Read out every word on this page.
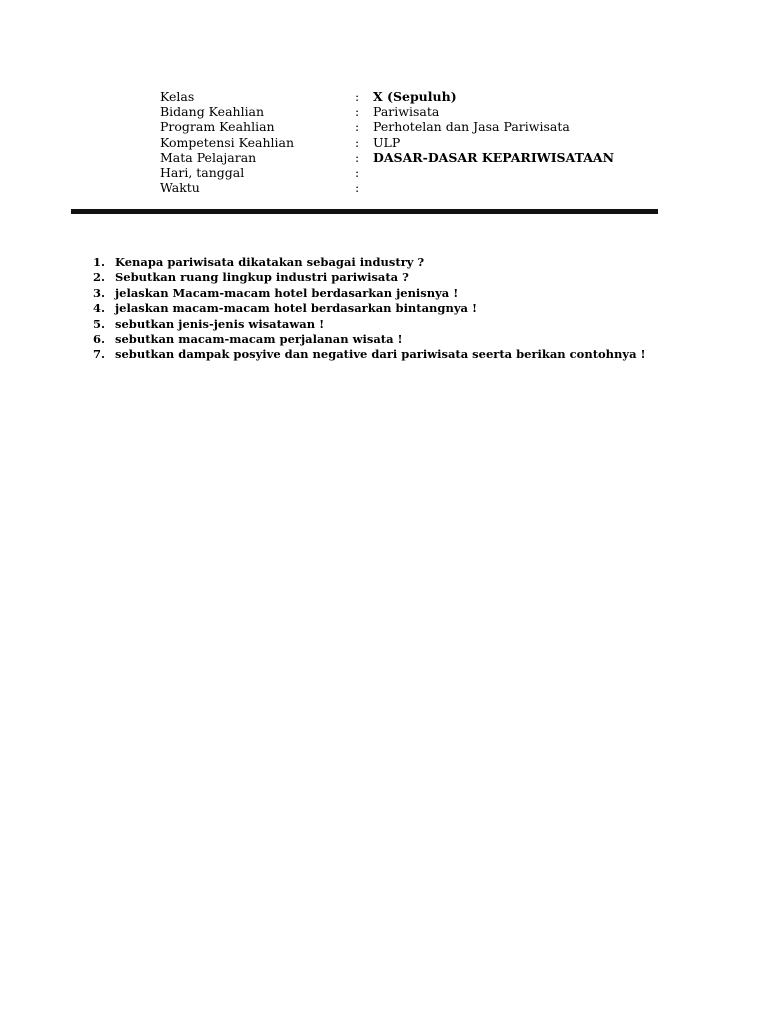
Kelas	:	X (Sepuluh)
Bidang Keahlian	:	Pariwisata
Program Keahlian	:	Perhotelan dan Jasa Pariwisata
Kompetensi Keahlian	:	ULP
Mata Pelajaran	:	DASAR-DASAR KEPARIWISATAAN
Hari, tanggal	:	
Waktu	:	
1. Kenapa pariwisata dikatakan sebagai industry ?
2. Sebutkan ruang lingkup industri pariwisata ?
3. jelaskan Macam-macam hotel berdasarkan jenisnya !
4. jelaskan macam-macam hotel berdasarkan bintangnya !
5. sebutkan jenis-jenis wisatawan !
6. sebutkan macam-macam perjalanan wisata !
7. sebutkan dampak posyive dan negative dari pariwisata seerta berikan contohnya !
